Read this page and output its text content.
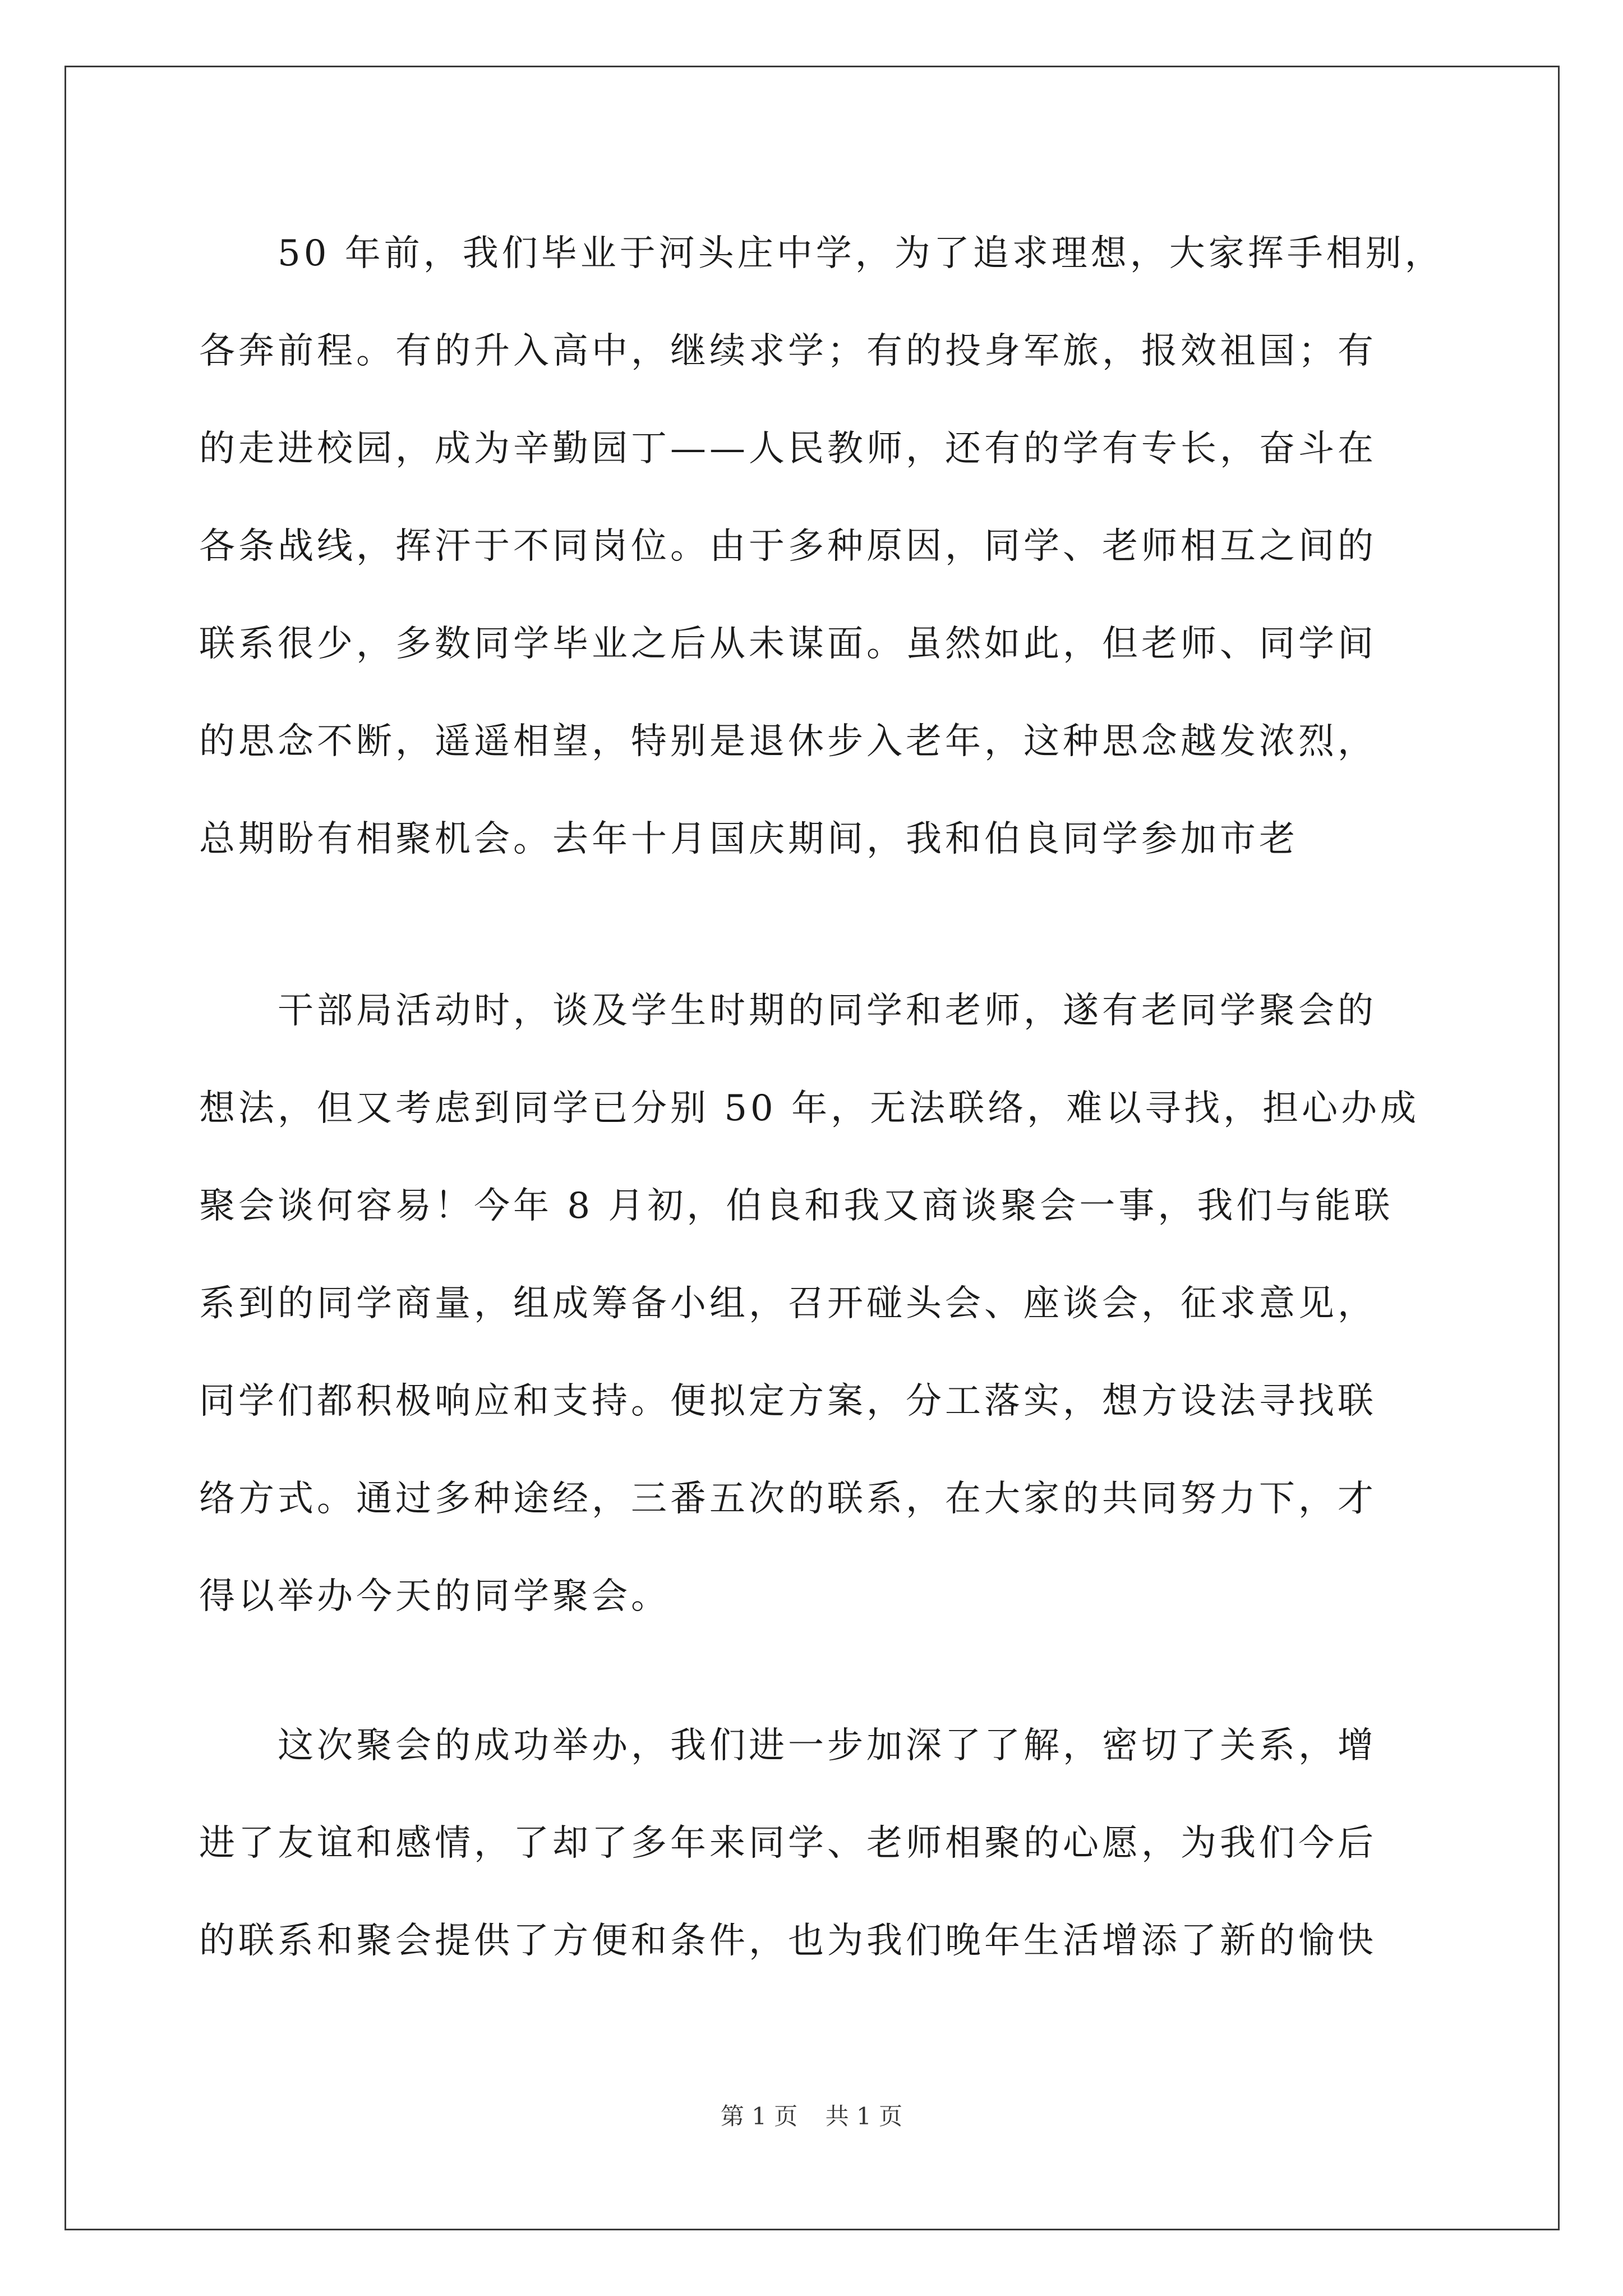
50 年前，我们毕业于河头庄中学，为了追求理想，大家挥手相别，
各奔前程。有的升入高中，继续求学；有的投身军旅，报效祖国；有
的走进校园，成为辛勤园丁——人民教师，还有的学有专长，奋斗在
各条战线，挥汗于不同岗位。由于多种原因，同学、老师相互之间的
联系很少，多数同学毕业之后从未谋面。虽然如此，但老师、同学间
的思念不断，遥遥相望，特别是退休步入老年，这种思念越发浓烈，
总期盼有相聚机会。去年十月国庆期间，我和伯良同学参加市老
干部局活动时，谈及学生时期的同学和老师，遂有老同学聚会的
想法，但又考虑到同学已分别 50 年，无法联络，难以寻找，担心办成
聚会谈何容易！今年 8 月初，伯良和我又商谈聚会一事，我们与能联
系到的同学商量，组成筹备小组，召开碰头会、座谈会，征求意见，
同学们都积极响应和支持。便拟定方案，分工落实，想方设法寻找联
络方式。通过多种途经，三番五次的联系，在大家的共同努力下，才
得以举办今天的同学聚会。
这次聚会的成功举办，我们进一步加深了了解，密切了关系，增
进了友谊和感情，了却了多年来同学、老师相聚的心愿，为我们今后
的联系和聚会提供了方便和条件，也为我们晚年生活增添了新的愉快
第 1 页 共 1 页
